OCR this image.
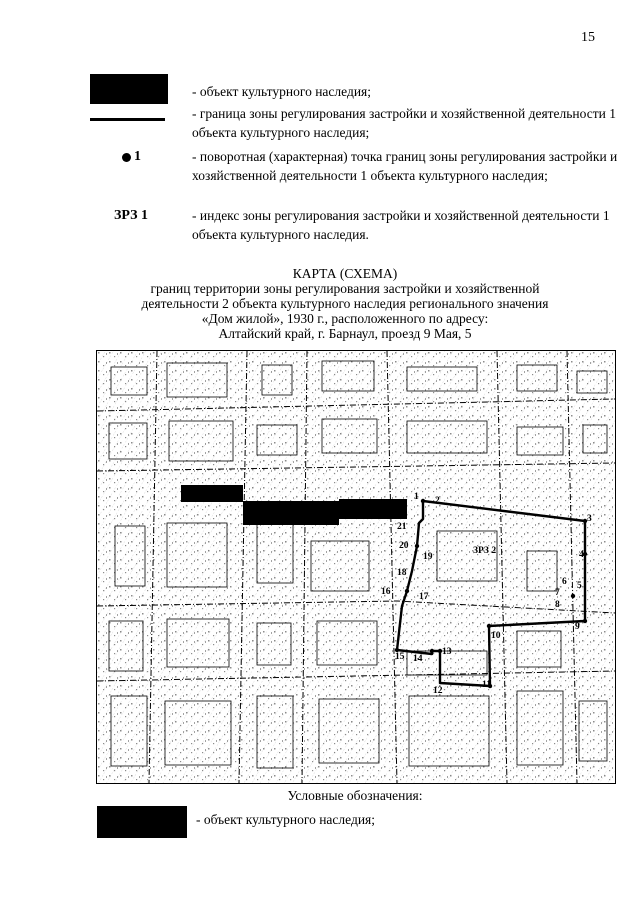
15
- объект культурного наследия;
- граница зоны регулирования застройки и хозяйственной деятельности 1 объекта культурного наследия;
1	- поворотная (характерная) точка границ зоны регулирования застройки и хозяйственной деятельности 1 объекта культурного наследия;
ЗРЗ 1	- индекс зоны регулирования застройки и хозяйственной деятельности 1 объекта культурного наследия.
КАРТА (СХЕМА)
границ территории зоны регулирования застройки и хозяйственной
деятельности 2 объекта культурного наследия регионального значения
«Дом жилой», 1930 г., расположенного по адресу:
Алтайский край, г. Барнаул, проезд 9 Мая, 5
ЗРЗ 2
1 2
3
4
5
6
7
8
9
10
11
12
13
14
15
16	17
18
19
20
21
Условные обозначения:
- объект культурного наследия;
